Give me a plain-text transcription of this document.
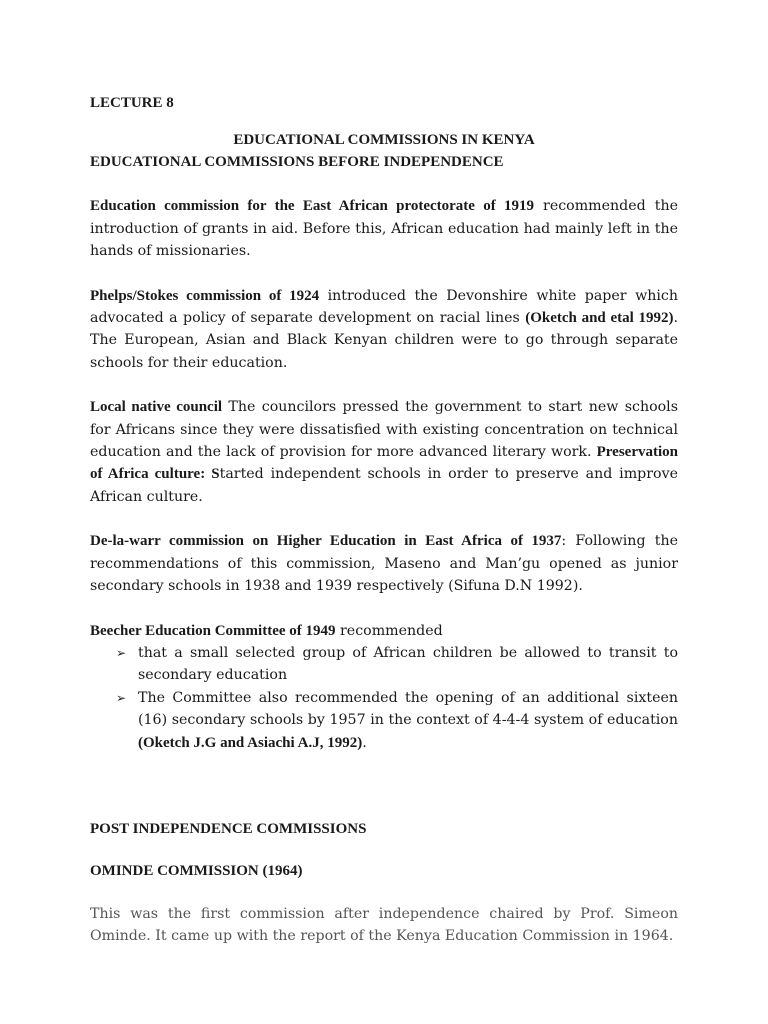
LECTURE 8
EDUCATIONAL COMMISSIONS IN KENYA
EDUCATIONAL COMMISSIONS BEFORE INDEPENDENCE

Education commission for the East African protectorate of 1919 recommended the introduction of grants in aid. Before this, African education had mainly left in the hands of missionaries.

Phelps/Stokes commission of 1924 introduced the Devonshire white paper which advocated a policy of separate development on racial lines (Oketch and etal 1992). The European, Asian and Black Kenyan children were to go through separate schools for their education.

Local native council The councilors pressed the government to start new schools for Africans since they were dissatisfied with existing concentration on technical education and the lack of provision for more advanced literary work. Preservation of Africa culture: Started independent schools in order to preserve and improve African culture.

De-la-warr commission on Higher Education in East Africa of 1937: Following the recommendations of this commission, Maseno and Man’gu opened as junior secondary schools in 1938 and 1939 respectively (Sifuna D.N 1992).

Beecher Education Committee of 1949 recommended
➢ that a small selected group of African children be allowed to transit to secondary education
➢ The Committee also recommended the opening of an additional sixteen (16) secondary schools by 1957 in the context of 4-4-4 system of education (Oketch J.G and Asiachi A.J, 1992).
POST INDEPENDENCE COMMISSIONS
OMINDE COMMISSION (1964)

This was the first commission after independence chaired by Prof. Simeon Ominde. It came up with the report of the Kenya Education Commission in 1964.
